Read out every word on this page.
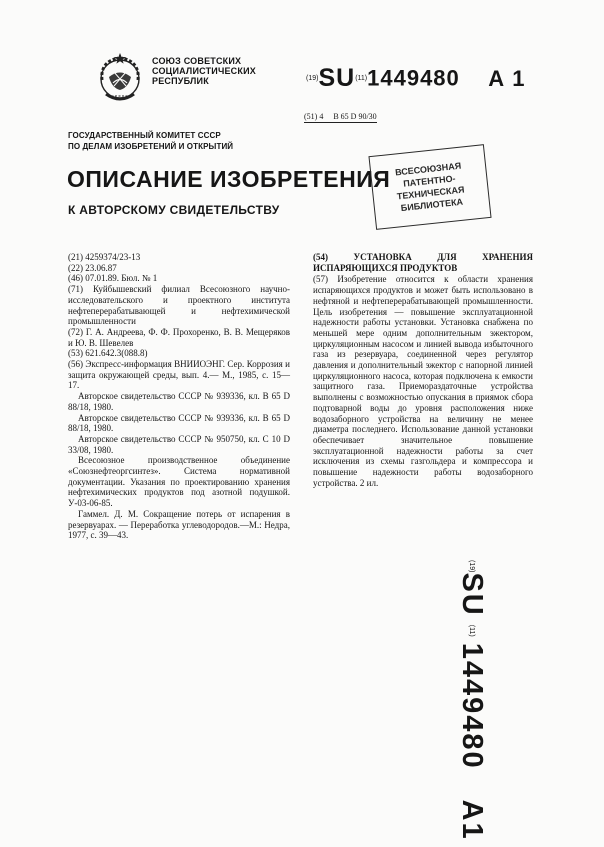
СОЮЗ СОВЕТСКИХ
СОЦИАЛИСТИЧЕСКИХ
РЕСПУБЛИК	(19)SU(11)1449480 А 1
(51) 4 В 65 D 90/30
ГОСУДАРСТВЕННЫЙ КОМИТЕТ СССР
ПО ДЕЛАМ ИЗОБРЕТЕНИЙ И ОТКРЫТИЙ
ОПИСАНИЕ ИЗОБРЕТЕНИЯ
К АВТОРСКОМУ СВИДЕТЕЛЬСТВУ
ВСЕСОЮЗНАЯ
ПАТЕНТНО-ТЕХНИЧЕСКАЯ
БИБЛИОТЕКА

(21) 4259374/23-13

(22) 23.06.87

(46) 07.01.89. Бюл. № 1

(71) Куйбышевский филиал Всесоюзного научно-исследовательского и проектного института нефтеперерабатывающей и нефтехимической промышленности

(72) Г. А. Андреева, Ф. Ф. Прохоренко, В. В. Мещеряков и Ю. В. Шевелев

(53) 621.642.3(088.8)

(56) Экспресс-информация ВНИИОЭНГ. Сер. Коррозия и защита окружающей среды, вып. 4.— М., 1985, с. 15—17.

Авторское свидетельство СССР № 939336, кл. В 65 D 88/18, 1980.

Авторское свидетельство СССР № 939336, кл. В 65 D 88/18, 1980.

Авторское свидетельство СССР № 950750, кл. С 10 D 33/08, 1980.

Всесоюзное производственное объединение «Союзнефтеоргсинтез». Система нормативной документации. Указания по проектированию хранения нефтехимических продуктов под азотной подушкой. У-03-06-85.

Гаммел. Д. М. Сокращение потерь от испарения в резервуарах. — Переработка углеводородов.—М.: Недра, 1977, с. 39—43.

(54) УСТАНОВКА ДЛЯ ХРАНЕНИЯ ИСПАРЯЮЩИХСЯ ПРОДУКТОВ

(57) Изобретение относится к области хранения испаряющихся продуктов и может быть использовано в нефтяной и нефтеперерабатывающей промышленности. Цель изобретения — повышение эксплуатационной надежности работы установки. Установка снабжена по меньшей мере одним дополнительным эжектором, циркуляционным насосом и линией вывода избыточного газа из резервуара, соединенной через регулятор давления и дополнительный эжектор с напорной линией циркуляционного насоса, которая подключена к емкости защитного газа. Приемораздаточные устройства выполнены с возможностью опускания в приямок сбора подтоварной воды до уровня расположения ниже водозаборного устройства на величину не менее диаметра последнего. Использование данной установки обеспечивает значительное повышение эксплуатационной надежности работы за счет исключения из схемы газгольдера и компрессора и повышение надежности работы водозаборного устройства. 2 ил.

(19)SU(11)1449480А1
